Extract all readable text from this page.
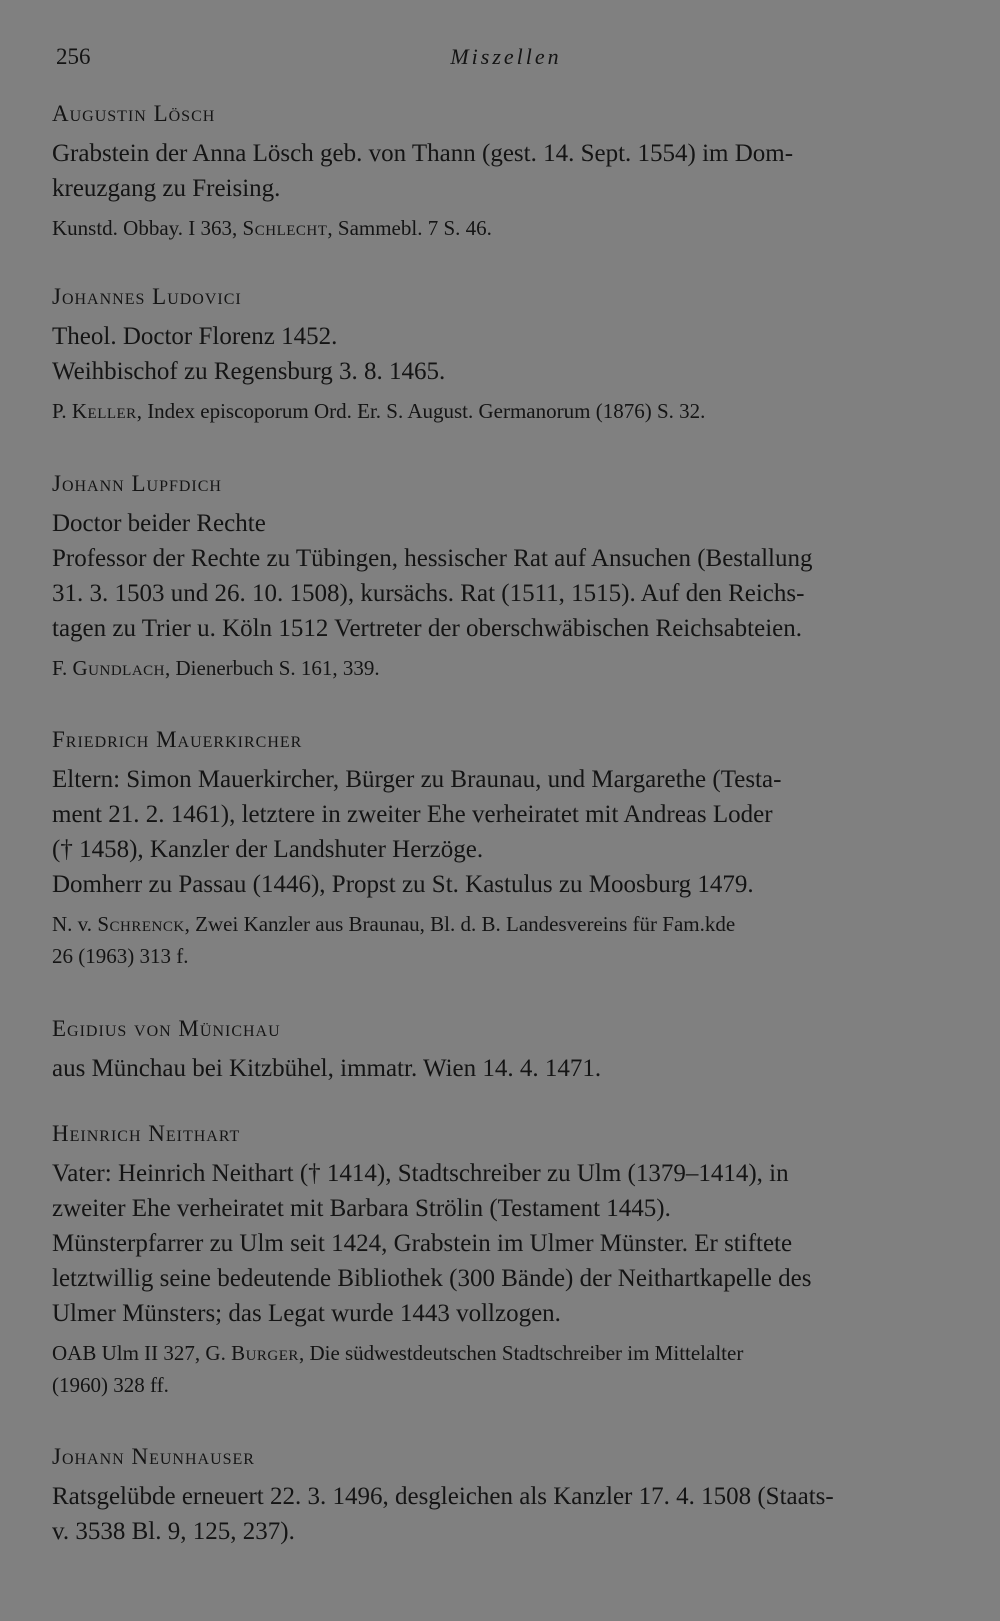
256	Miszellen
Augustin Lösch
Grabstein der Anna Lösch geb. von Thann (gest. 14. Sept. 1554) im Dom-
kreuzgang zu Freising.
Kunstd. Obbay. I 363, Schlecht, Sammebl. 7 S. 46.
Johannes Ludovici
Theol. Doctor Florenz 1452.
Weihbischof zu Regensburg 3. 8. 1465.
P. Keller, Index episcoporum Ord. Er. S. August. Germanorum (1876) S. 32.
Johann Lupfdich
Doctor beider Rechte
Professor der Rechte zu Tübingen, hessischer Rat auf Ansuchen (Bestallung
31. 3. 1503 und 26. 10. 1508), kursächs. Rat (1511, 1515). Auf den Reichs-
tagen zu Trier u. Köln 1512 Vertreter der oberschwäbischen Reichsabteien.
F. Gundlach, Dienerbuch S. 161, 339.
Friedrich Mauerkircher
Eltern: Simon Mauerkircher, Bürger zu Braunau, und Margarethe (Testa-
ment 21. 2. 1461), letztere in zweiter Ehe verheiratet mit Andreas Loder
(† 1458), Kanzler der Landshuter Herzöge.
Domherr zu Passau (1446), Propst zu St. Kastulus zu Moosburg 1479.
N. v. Schrenck, Zwei Kanzler aus Braunau, Bl. d. B. Landesvereins für Fam.kde
26 (1963) 313 f.
Egidius von Münichau
aus Münchau bei Kitzbühel, immatr. Wien 14. 4. 1471.
Heinrich Neithart
Vater: Heinrich Neithart († 1414), Stadtschreiber zu Ulm (1379–1414), in
zweiter Ehe verheiratet mit Barbara Strölin (Testament 1445).
Münsterpfarrer zu Ulm seit 1424, Grabstein im Ulmer Münster. Er stiftete
letztwillig seine bedeutende Bibliothek (300 Bände) der Neithartkapelle des
Ulmer Münsters; das Legat wurde 1443 vollzogen.
OAB Ulm II 327, G. Burger, Die südwestdeutschen Stadtschreiber im Mittelalter
(1960) 328 ff.
Johann Neunhauser
Ratsgelübde erneuert 22. 3. 1496, desgleichen als Kanzler 17. 4. 1508 (Staats-
v. 3538 Bl. 9, 125, 237).
